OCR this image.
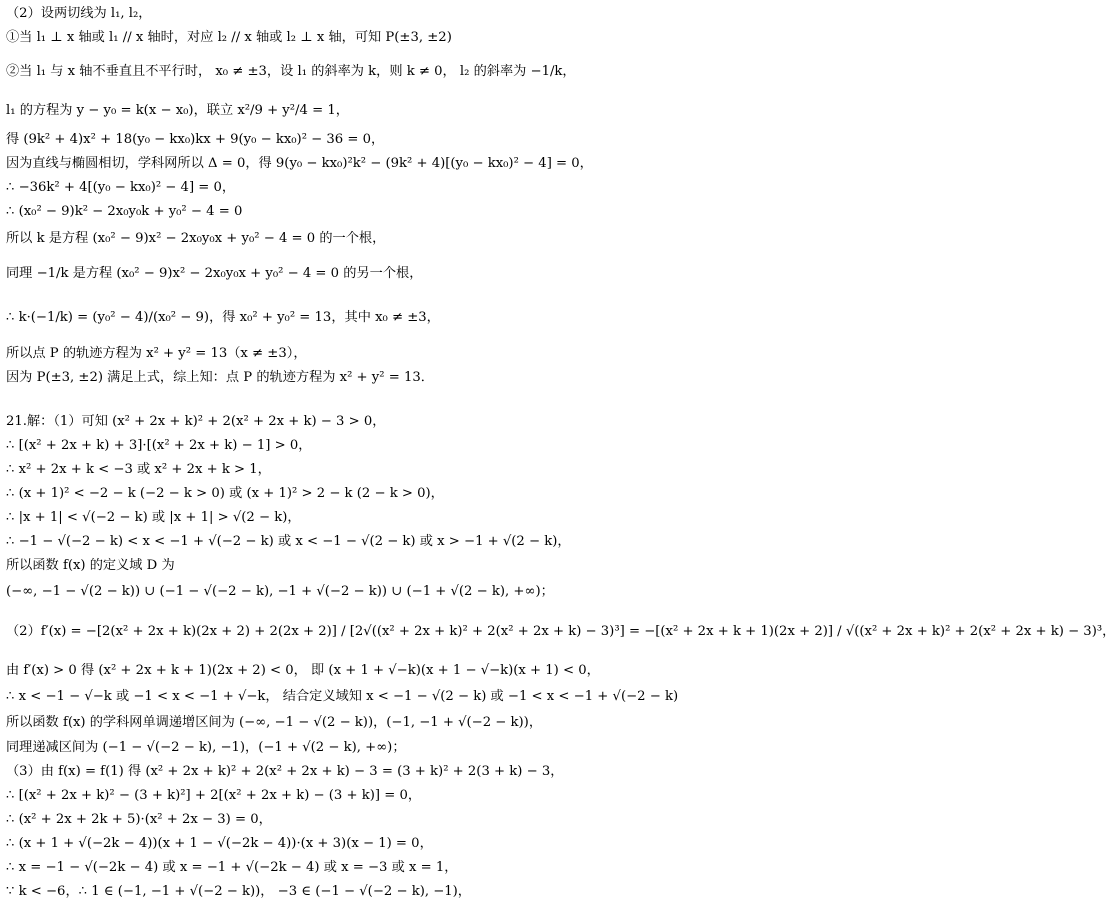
（2）设两切线为 l₁, l₂，
①当 l₁ ⊥ x 轴或 l₁ // x 轴时，对应 l₂ // x 轴或 l₂ ⊥ x 轴，可知 P(±3, ±2)
②当 l₁ 与 x 轴不垂直且不平行时， x₀ ≠ ±3，设 l₁ 的斜率为 k，则 k ≠ 0， l₂ 的斜率为 −1/k，
l₁ 的方程为 y − y₀ = k(x − x₀)，联立 x²/9 + y²/4 = 1，
得 (9k² + 4)x² + 18(y₀ − kx₀)kx + 9(y₀ − kx₀)² − 36 = 0，
因为直线与椭圆相切，学科网所以 Δ = 0，得 9(y₀ − kx₀)²k² − (9k² + 4)[(y₀ − kx₀)² − 4] = 0，
∴ −36k² + 4[(y₀ − kx₀)² − 4] = 0，
∴ (x₀² − 9)k² − 2x₀y₀k + y₀² − 4 = 0
所以 k 是方程 (x₀² − 9)x² − 2x₀y₀x + y₀² − 4 = 0 的一个根，
同理 −1/k 是方程 (x₀² − 9)x² − 2x₀y₀x + y₀² − 4 = 0 的另一个根，
∴ k·(−1/k) = (y₀² − 4)/(x₀² − 9)，得 x₀² + y₀² = 13，其中 x₀ ≠ ±3，
所以点 P 的轨迹方程为 x² + y² = 13（x ≠ ±3），
因为 P(±3, ±2) 满足上式，综上知：点 P 的轨迹方程为 x² + y² = 13．
21.解：（1）可知 (x² + 2x + k)² + 2(x² + 2x + k) − 3 > 0，
∴ [(x² + 2x + k) + 3]·[(x² + 2x + k) − 1] > 0，
∴ x² + 2x + k < −3 或 x² + 2x + k > 1，
∴ (x + 1)² < −2 − k (−2 − k > 0) 或 (x + 1)² > 2 − k (2 − k > 0)，
∴ |x + 1| < √(−2 − k) 或 |x + 1| > √(2 − k)，
∴ −1 − √(−2 − k) < x < −1 + √(−2 − k) 或 x < −1 − √(2 − k) 或 x > −1 + √(2 − k)，
所以函数 f(x) 的定义域 D 为
(−∞, −1 − √(2 − k)) ∪ (−1 − √(−2 − k), −1 + √(−2 − k)) ∪ (−1 + √(2 − k), +∞)；
（2）f′(x) = −[2(x² + 2x + k)(2x + 2) + 2(2x + 2)] / [2√((x² + 2x + k)² + 2(x² + 2x + k) − 3)³] = −[(x² + 2x + k + 1)(2x + 2)] / √((x² + 2x + k)² + 2(x² + 2x + k) − 3)³，
由 f′(x) > 0 得 (x² + 2x + k + 1)(2x + 2) < 0， 即 (x + 1 + √−k)(x + 1 − √−k)(x + 1) < 0，
∴ x < −1 − √−k 或 −1 < x < −1 + √−k， 结合定义域知 x < −1 − √(2 − k) 或 −1 < x < −1 + √(−2 − k)
所以函数 f(x) 的学科网单调递增区间为 (−∞, −1 − √(2 − k))，(−1, −1 + √(−2 − k))，
同理递减区间为 (−1 − √(−2 − k), −1)，(−1 + √(2 − k), +∞)；
（3）由 f(x) = f(1) 得 (x² + 2x + k)² + 2(x² + 2x + k) − 3 = (3 + k)² + 2(3 + k) − 3，
∴ [(x² + 2x + k)² − (3 + k)²] + 2[(x² + 2x + k) − (3 + k)] = 0，
∴ (x² + 2x + 2k + 5)·(x² + 2x − 3) = 0，
∴ (x + 1 + √(−2k − 4))(x + 1 − √(−2k − 4))·(x + 3)(x − 1) = 0，
∴ x = −1 − √(−2k − 4) 或 x = −1 + √(−2k − 4) 或 x = −3 或 x = 1，
∵ k < −6，∴ 1 ∈ (−1, −1 + √(−2 − k))， −3 ∈ (−1 − √(−2 − k), −1)，
